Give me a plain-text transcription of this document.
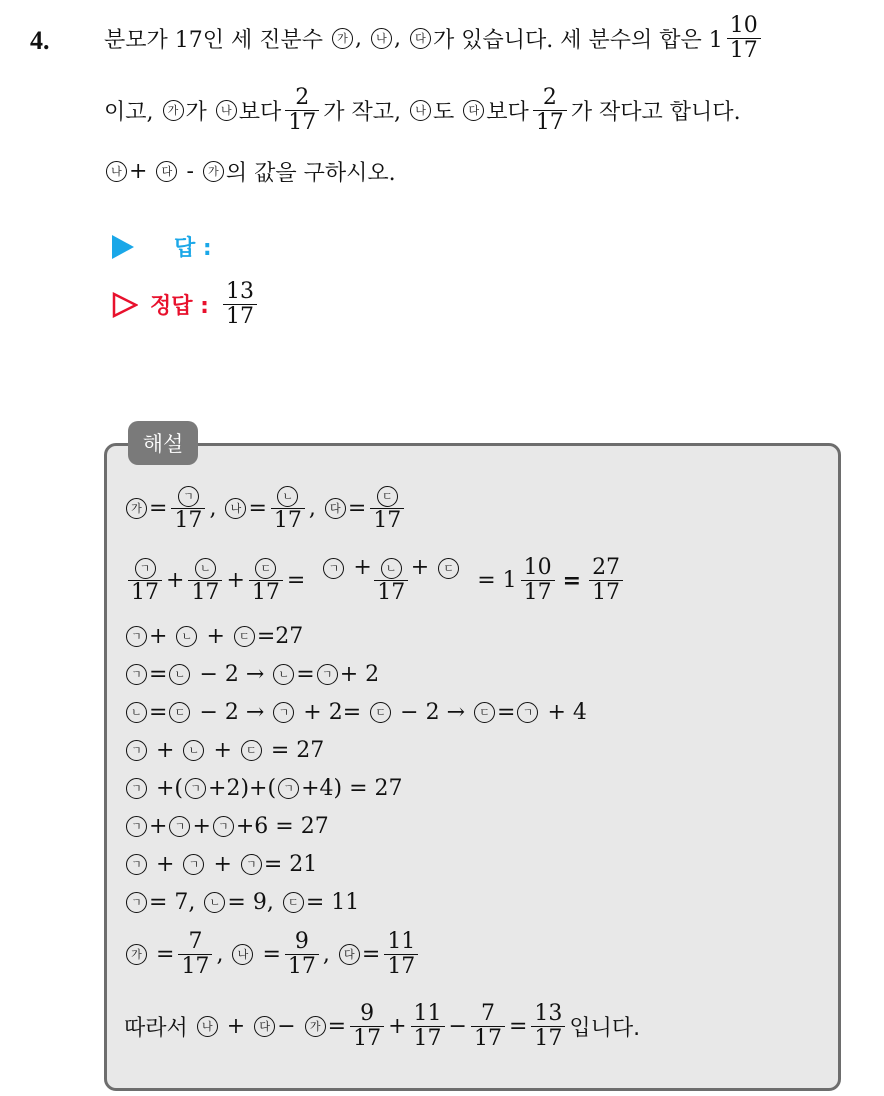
4. 분모가 17인 세 진분수
	가 , 나 , 다 가 있습니다. 세 분수의 합은 $1 \frac{10}{17}$
이고,
	가 가
	나 보다 $\frac{2}{17}$ 가 작고,
	나 도
	다 보다 $\frac{2}{17}$ 가 작다고 합니다.
나 +
	다
-
	가 의 값을 구하시오.
답 :
정답 : $\frac{13}{17}$
해설
가 = $\frac{\text{ㄱ}}{17}$ ,
	나 = $\frac{\text{ㄴ}}{17}$ ,
	다 = $\frac{\text{ㄷ}}{17}$
$\frac{\text{ㄱ}}{17} + \frac{\text{ㄴ}}{17} + \frac{\text{ㄷ}}{17} = \frac{\text{ㄱ + ㄴ + ㄷ}}{17} = 1 \frac{10}{17} = \frac{27}{17}$
ㄱ +
	ㄴ
+
	ㄷ =27
ㄱ = ㄴ
− 2 →
	ㄴ = ㄱ + 2
ㄴ = ㄷ
− 2 →
	ㄱ
+ 2=
	ㄷ
− 2 →
	ㄷ = ㄱ
+ 4
ㄱ
+
	ㄴ
+
	ㄷ
= 27
ㄱ
+( ㄱ +2)+( ㄱ +4) = 27
ㄱ + ㄱ + ㄱ +6 = 27
ㄱ
+
	ㄱ
+
	ㄱ = 21
ㄱ = 7,
	ㄴ = 9,
	ㄷ = 11
가
= $\frac{7}{17}$ ,
	나
= $\frac{9}{17}$ ,
	다 = $\frac{11}{17}$
따라서
	나
+
	다 −
	가 = $\frac{9}{17} + \frac{11}{17} - \frac{7}{17} = \frac{13}{17}$ 입니다.
